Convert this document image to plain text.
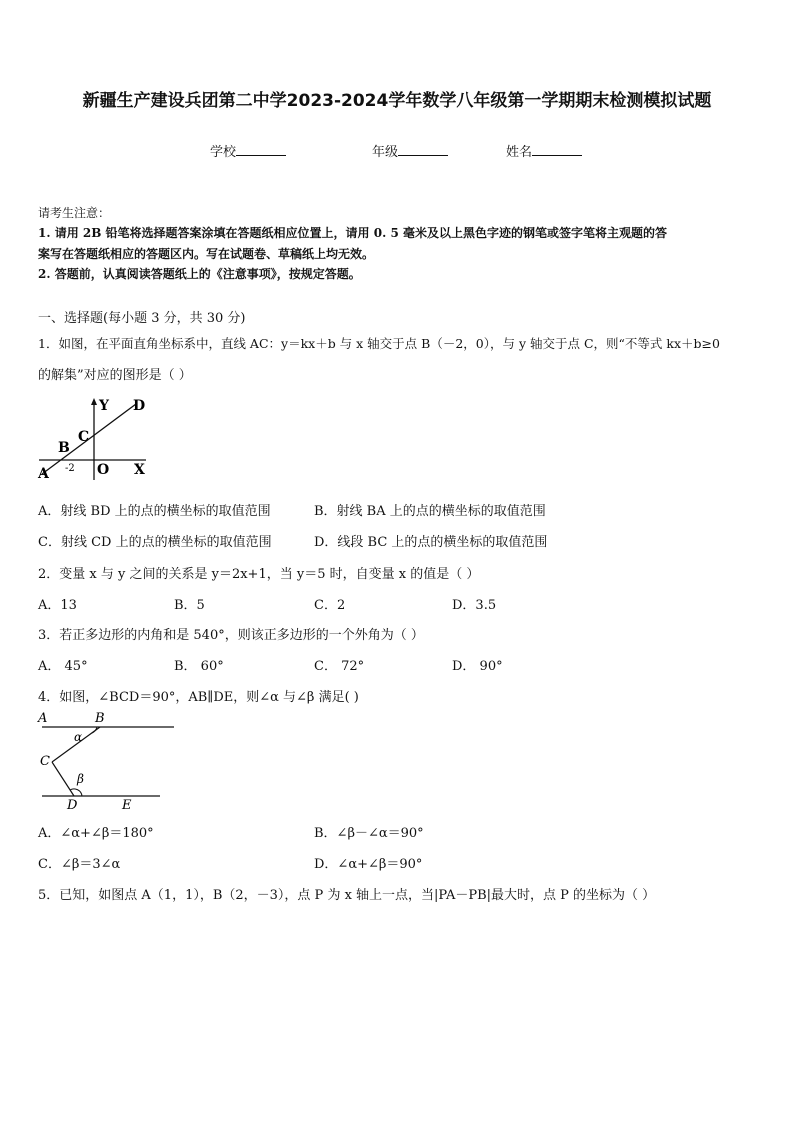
新疆生产建设兵团第二中学2023-2024学年数学八年级第一学期期末检测模拟试题
学校	年级	姓名
请考生注意：
1. 请用 2B 铅笔将选择题答案涂填在答题纸相应位置上，请用 0. 5 毫米及以上黑色字迹的钢笔或签字笔将主观题的答
案写在答题纸相应的答题区内。写在试题卷、草稿纸上均无效。
2. 答题前，认真阅读答题纸上的《注意事项》，按规定答题。
一、选择题(每小题 3 分，共 30 分)
1．如图，在平面直角坐标系中，直线 AC：y＝kx＋b 与 x 轴交于点 B（－2，0），与 y 轴交于点 C，则“不等式 kx＋b≥0
的解集”对应的图形是（ ）
Y D
C
B
A -2 O X
A．射线 BD 上的点的横坐标的取值范围	B．射线 BA 上的点的横坐标的取值范围
C．射线 CD 上的点的横坐标的取值范围	D．线段 BC 上的点的横坐标的取值范围
2．变量 x 与 y 之间的关系是 y＝2x+1，当 y＝5 时，自变量 x 的值是（ ）
A．13	B．5	C．2	D．3.5
3．若正多边形的内角和是 540°，则该正多边形的一个外角为（ ）
A． 45°	B． 60°	C． 72°	D． 90°
4．如图，∠BCD＝90°，AB∥DE，则∠α 与∠β 满足( )
A	B
α
C
β
D	E
A．∠α+∠β＝180°	B．∠β－∠α＝90°
C．∠β＝3∠α	D．∠α+∠β＝90°
5．已知，如图点 A（1，1），B（2，－3），点 P 为 x 轴上一点，当|PA－PB|最大时，点 P 的坐标为（ ）
